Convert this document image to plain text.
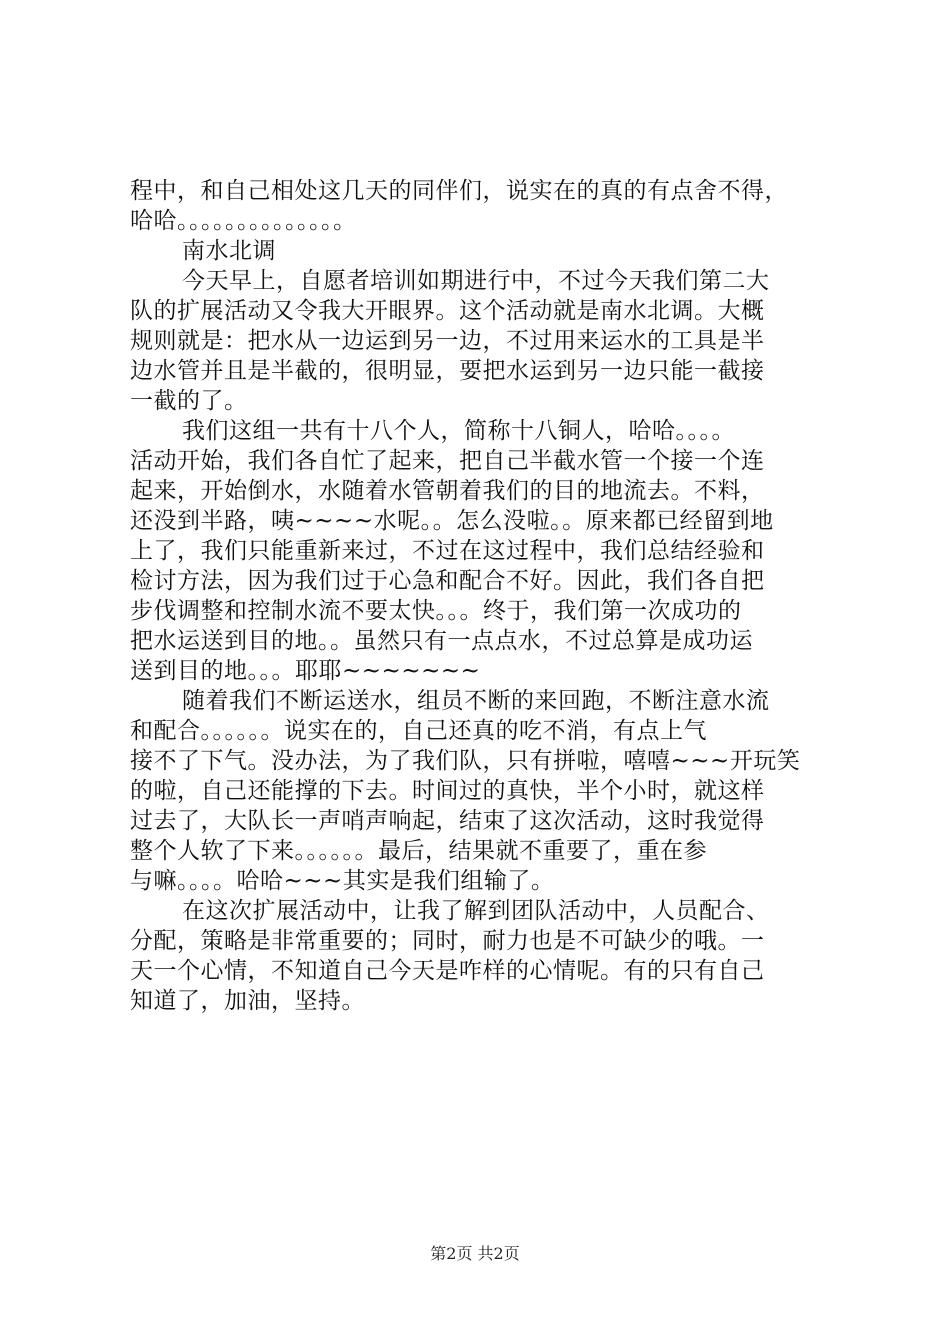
程中，和自己相处这几天的同伴们，说实在的真的有点舍不得，
哈哈。。。。。。。。。。。。。。
南水北调
今天早上，自愿者培训如期进行中，不过今天我们第二大
队的扩展活动又令我大开眼界。这个活动就是南水北调。大概
规则就是：把水从一边运到另一边，不过用来运水的工具是半
边水管并且是半截的，很明显，要把水运到另一边只能一截接
一截的了。
我们这组一共有十八个人，简称十八铜人，哈哈。。。。
活动开始，我们各自忙了起来，把自己半截水管一个接一个连
起来，开始倒水，水随着水管朝着我们的目的地流去。不料，
还没到半路，咦~~~~水呢。。怎么没啦。。原来都已经留到地
上了，我们只能重新来过，不过在这过程中，我们总结经验和
检讨方法，因为我们过于心急和配合不好。因此，我们各自把
步伐调整和控制水流不要太快。。。终于，我们第一次成功的
把水运送到目的地。。虽然只有一点点水，不过总算是成功运
送到目的地。。。耶耶~~~~~~~
随着我们不断运送水，组员不断的来回跑，不断注意水流
和配合。。。。。。说实在的，自己还真的吃不消，有点上气
接不了下气。没办法，为了我们队，只有拼啦，嘻嘻~~~开玩笑
的啦，自己还能撑的下去。时间过的真快，半个小时，就这样
过去了，大队长一声哨声响起，结束了这次活动，这时我觉得
整个人软了下来。。。。。。最后，结果就不重要了，重在参
与嘛。。。。哈哈~~~其实是我们组输了。
在这次扩展活动中，让我了解到团队活动中，人员配合、
分配，策略是非常重要的；同时，耐力也是不可缺少的哦。一
天一个心情，不知道自己今天是咋样的心情呢。有的只有自己
知道了，加油，坚持。
第2页 共2页
